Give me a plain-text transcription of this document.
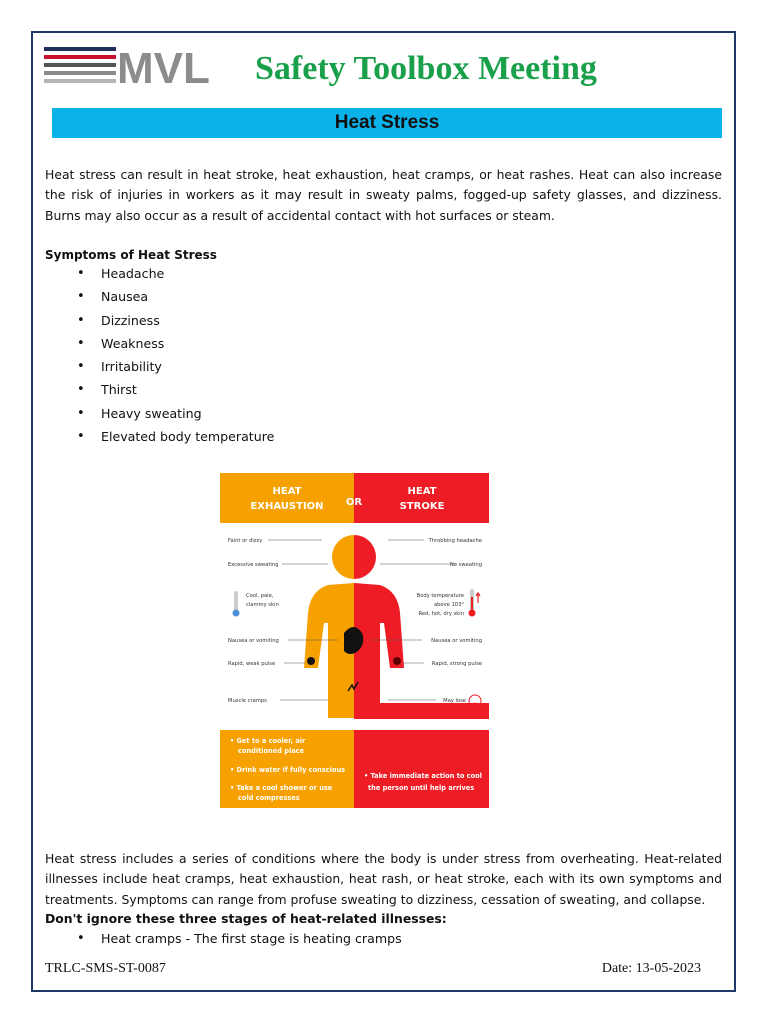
MVL Safety Toolbox Meeting
Heat Stress

Heat stress can result in heat stroke, heat exhaustion, heat cramps, or heat rashes. Heat can also increase the risk of injuries in workers as it may result in sweaty palms, fogged-up safety glasses, and dizziness. Burns may also occur as a result of accidental contact with hot surfaces or steam.

Symptoms of Heat Stress

• Headache
• Nausea
• Dizziness
• Weakness
• Irritability
• Thirst
• Heavy sweating
• Elevated body temperature
HEAT
EXHAUSTION OR
HEAT
STROKE
Faint or dizzy
Excessive sweating
Cool, pale,
clammy skin
Nausea or vomiting
Rapid, weak pulse
Muscle cramps
Throbbing headache
No sweating
Body temperature
above 103°
Red, hot, dry skin
Nausea or vomiting
Rapid, strong pulse
May lose
• Get to a cooler, air
conditioned place
• Drink water if fully conscious
• Take a cool shower or use
cold compresses
• Take immediate action to cool
the person until help arrives

Heat stress includes a series of conditions where the body is under stress from overheating. Heat-related illnesses include heat cramps, heat exhaustion, heat rash, or heat stroke, each with its own symptoms and treatments. Symptoms can range from profuse sweating to dizziness, cessation of sweating, and collapse.

Don't ignore these three stages of heat-related illnesses:

• Heat cramps - The first stage is heating cramps
TRLC-SMS-ST-0087	Date: 13-05-2023
